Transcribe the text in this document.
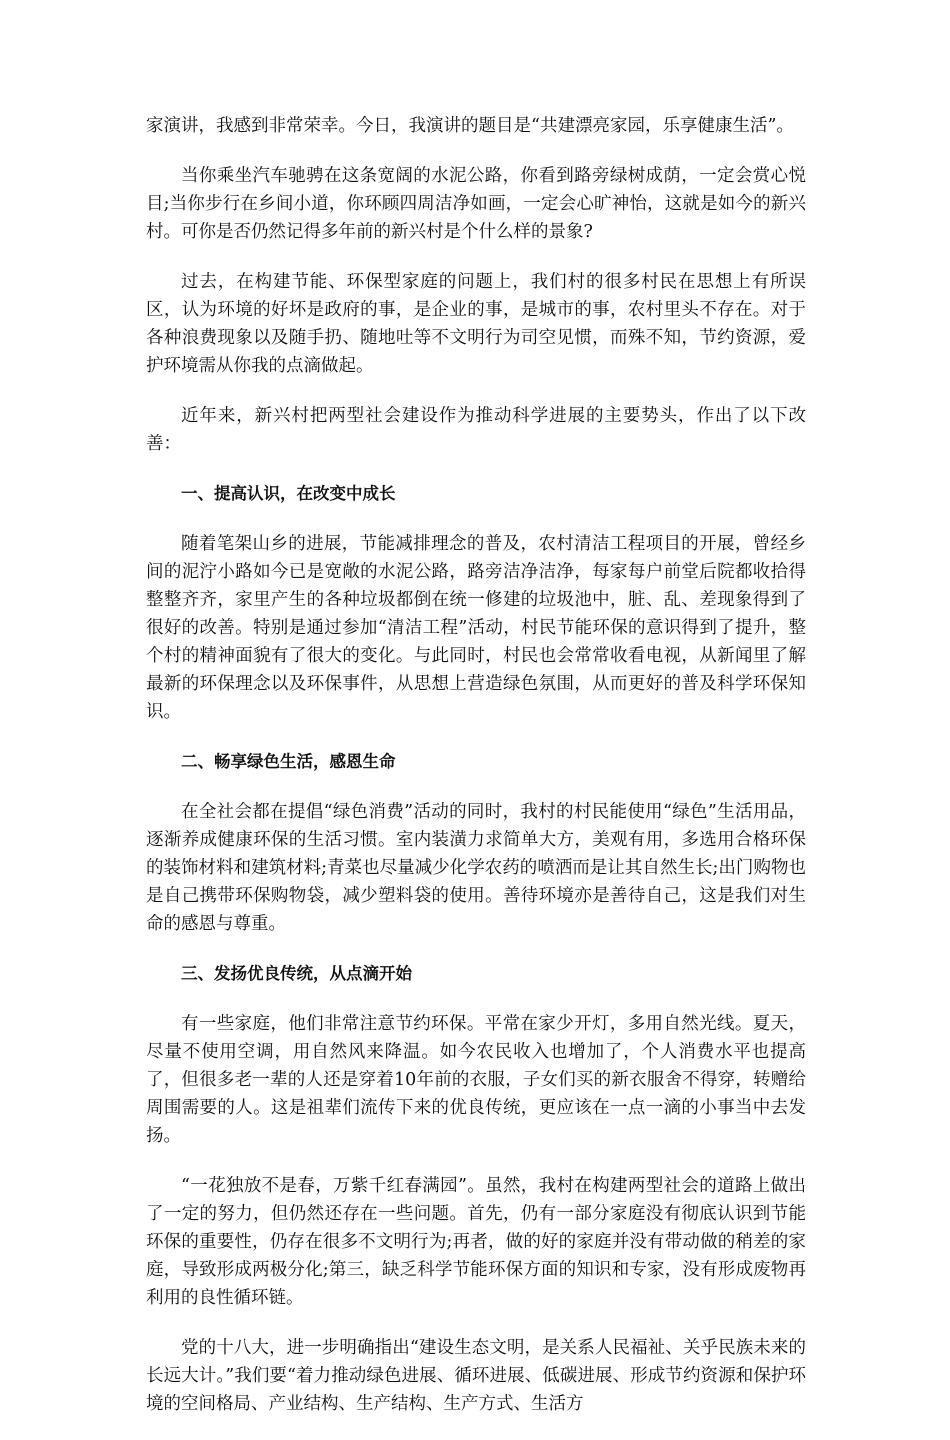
家演讲，我感到非常荣幸。今日，我演讲的题目是“共建漂亮家园，乐享健康生活”。

当你乘坐汽车驰骋在这条宽阔的水泥公路，你看到路旁绿树成荫，一定会赏心悦目;当你步行在乡间小道，你环顾四周洁净如画，一定会心旷神怡，这就是如今的新兴村。可你是否仍然记得多年前的新兴村是个什么样的景象?

过去，在构建节能、环保型家庭的问题上，我们村的很多村民在思想上有所误区，认为环境的好坏是政府的事，是企业的事，是城市的事，农村里头不存在。对于各种浪费现象以及随手扔、随地吐等不文明行为司空见惯，而殊不知，节约资源，爱护环境需从你我的点滴做起。

近年来，新兴村把两型社会建设作为推动科学进展的主要势头，作出了以下改善：

一、提高认识，在改变中成长

随着笔架山乡的进展，节能减排理念的普及，农村清洁工程项目的开展，曾经乡间的泥泞小路如今已是宽敞的水泥公路，路旁洁净洁净，每家每户前堂后院都收拾得整整齐齐，家里产生的各种垃圾都倒在统一修建的垃圾池中，脏、乱、差现象得到了很好的改善。特别是通过参加“清洁工程”活动，村民节能环保的意识得到了提升，整个村的精神面貌有了很大的变化。与此同时，村民也会常常收看电视，从新闻里了解最新的环保理念以及环保事件，从思想上营造绿色氛围，从而更好的普及科学环保知识。

二、畅享绿色生活，感恩生命

在全社会都在提倡“绿色消费”活动的同时，我村的村民能使用“绿色”生活用品，逐渐养成健康环保的生活习惯。室内装潢力求简单大方，美观有用，多选用合格环保的装饰材料和建筑材料;青菜也尽量减少化学农药的喷洒而是让其自然生长;出门购物也是自己携带环保购物袋，减少塑料袋的使用。善待环境亦是善待自己，这是我们对生命的感恩与尊重。

三、发扬优良传统，从点滴开始

有一些家庭，他们非常注意节约环保。平常在家少开灯，多用自然光线。夏天，尽量不使用空调，用自然风来降温。如今农民收入也增加了，个人消费水平也提高了，但很多老一辈的人还是穿着10年前的衣服，子女们买的新衣服舍不得穿，转赠给周围需要的人。这是祖辈们流传下来的优良传统，更应该在一点一滴的小事当中去发扬。

“一花独放不是春，万紫千红春满园”。虽然，我村在构建两型社会的道路上做出了一定的努力，但仍然还存在一些问题。首先，仍有一部分家庭没有彻底认识到节能环保的重要性，仍存在很多不文明行为;再者，做的好的家庭并没有带动做的稍差的家庭，导致形成两极分化;第三，缺乏科学节能环保方面的知识和专家，没有形成废物再利用的良性循环链。

党的十八大，进一步明确指出“建设生态文明，是关系人民福祉、关乎民族未来的长远大计。”我们要“着力推动绿色进展、循环进展、低碳进展、形成节约资源和保护环境的空间格局、产业结构、生产结构、生产方式、生活方
